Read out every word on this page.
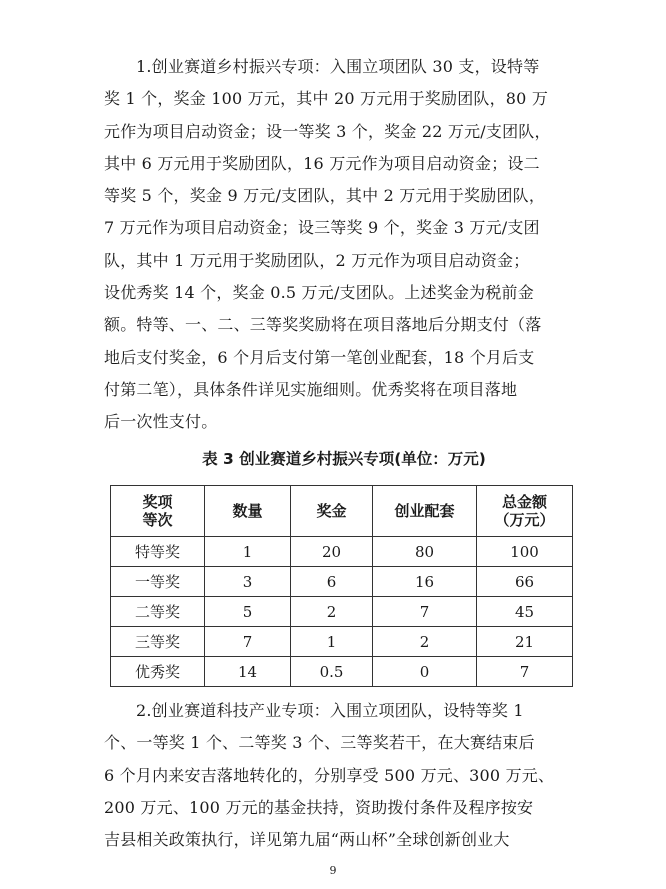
1.创业赛道乡村振兴专项：入围立项团队 30 支，设特等
奖 1 个，奖金 100 万元，其中 20 万元用于奖励团队，80 万
元作为项目启动资金；设一等奖 3 个，奖金 22 万元/支团队，
其中 6 万元用于奖励团队，16 万元作为项目启动资金；设二
等奖 5 个，奖金 9 万元/支团队，其中 2 万元用于奖励团队，
7 万元作为项目启动资金；设三等奖 9 个，奖金 3 万元/支团
队，其中 1 万元用于奖励团队，2 万元作为项目启动资金；
设优秀奖 14 个，奖金 0.5 万元/支团队。上述奖金为税前金
额。特等、一、二、三等奖奖励将在项目落地后分期支付（落
地后支付奖金，6 个月后支付第一笔创业配套，18 个月后支
付第二笔），具体条件详见实施细则。优秀奖将在项目落地
后一次性支付。
表 3 创业赛道乡村振兴专项(单位：万元)
奖项
等次	数量	奖金	创业配套	总金额
（万元）
特等奖	1	20	80	100
一等奖	3	6	16	66
二等奖	5	2	7	45
三等奖	7	1	2	21
优秀奖	14	0.5	0	7
2.创业赛道科技产业专项：入围立项团队，设特等奖 1
个、一等奖 1 个、二等奖 3 个、三等奖若干，在大赛结束后
6 个月内来安吉落地转化的，分别享受 500 万元、300 万元、
200 万元、100 万元的基金扶持，资助拨付条件及程序按安
吉县相关政策执行，详见第九届“两山杯”全球创新创业大
9
